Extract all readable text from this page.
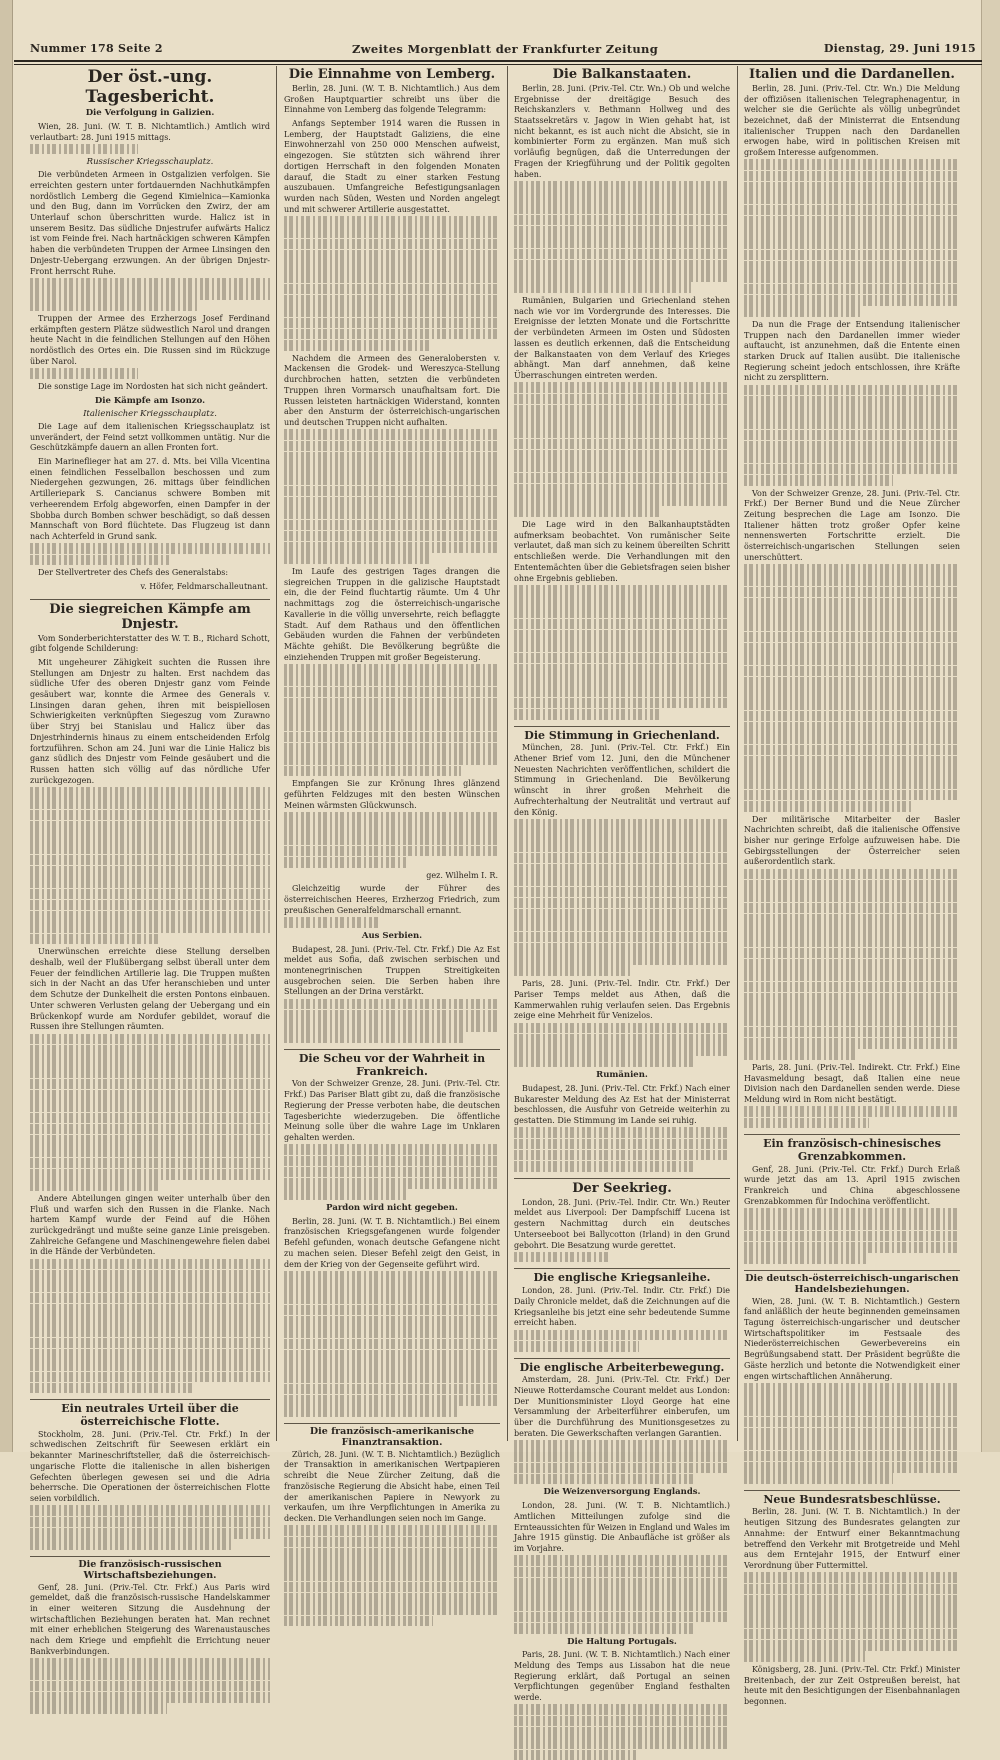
Nummer 178 Seite 2	Zweites Morgenblatt der Frankfurter Zeitung	Dienstag, 29. Juni 1915
Der öst.-ung. Tagesbericht.
Die Verfolgung in Galizien.
Wien, 28. Juni. (W. T. B. Nichtamtlich.) Amtlich wird verlautbart: 28. Juni 1915 mittags.
Russischer Kriegsschauplatz.
Die verbündeten Armeen in Ostgalizien verfolgen. Sie erreichten gestern unter fortdauernden Nachhutkämpfen nordöstlich Lemberg die Gegend Kimielnica—Kamionka und den Bug, dann im Vorrücken den Zwirz, der am Unterlauf schon überschritten wurde. Halicz ist in unserem Besitz. Das südliche Dnjestrufer aufwärts Halicz ist vom Feinde frei. Nach hartnäckigen schweren Kämpfen haben die verbündeten Truppen der Armee Linsingen den Dnjestr-Uebergang erzwungen. An der übrigen Dnjestr-Front herrscht Ruhe.
Truppen der Armee des Erzherzogs Josef Ferdinand erkämpften gestern Plätze südwestlich Narol und drangen heute Nacht in die feindlichen Stellungen auf den Höhen nordöstlich des Ortes ein. Die Russen sind im Rückzuge über Narol.
Die sonstige Lage im Nordosten hat sich nicht geändert.
Die Kämpfe am Isonzo.
Italienischer Kriegsschauplatz.
Die Lage auf dem italienischen Kriegsschauplatz ist unverändert, der Feind setzt vollkommen untätig. Nur die Geschützkämpfe dauern an allen Fronten fort.
Ein Marineflieger hat am 27. d. Mts. bei Villa Vicentina einen feindlichen Fesselballon beschossen und zum Niedergehen gezwungen, 26. mittags über feindlichen Artilleriepark S. Cancianus schwere Bomben mit verheerendem Erfolg abgeworfen, einen Dampfer in der Sbobba durch Bomben schwer beschädigt, so daß dessen Mannschaft von Bord flüchtete. Das Flugzeug ist dann nach Achterfeld in Grund sank.
Der Stellvertreter des Chefs des Generalstabs:
v. Höfer, Feldmarschalleutnant.
Die siegreichen Kämpfe am Dnjestr.
Vom Sonderberichterstatter des W. T. B., Richard Schott, gibt folgende Schilderung:
Mit ungeheurer Zähigkeit suchten die Russen ihre Stellungen am Dnjestr zu halten. Erst nachdem das südliche Ufer des oberen Dnjestr ganz vom Feinde gesäubert war, konnte die Armee des Generals v. Linsingen daran gehen, ihren mit beispiellosen Schwierigkeiten verknüpften Siegeszug vom Zurawno über Stryj bei Stanislau und Halicz über das Dnjestrhindernis hinaus zu einem entscheidenden Erfolg fortzuführen. Schon am 24. Juni war die Linie Halicz bis ganz südlich des Dnjestr vom Feinde gesäubert und die Russen hatten sich völlig auf das nördliche Ufer zurückgezogen.
Unerwünschen erreichte diese Stellung derselben deshalb, weil der Flußübergang selbst überall unter dem Feuer der feindlichen Artillerie lag. Die Truppen mußten sich in der Nacht an das Ufer heranschieben und unter dem Schutze der Dunkelheit die ersten Pontons einbauen. Unter schweren Verlusten gelang der Uebergang und ein Brückenkopf wurde am Nordufer gebildet, worauf die Russen ihre Stellungen räumten.
Andere Abteilungen gingen weiter unterhalb über den Fluß und warfen sich den Russen in die Flanke. Nach hartem Kampf wurde der Feind auf die Höhen zurückgedrängt und mußte seine ganze Linie preisgeben. Zahlreiche Gefangene und Maschinengewehre fielen dabei in die Hände der Verbündeten.
Ein neutrales Urteil über die österreichische Flotte.
Stockholm, 28. Juni. (Priv.-Tel. Ctr. Frkf.) In der schwedischen Zeitschrift für Seewesen erklärt ein bekannter Marineschriftsteller, daß die österreichisch-ungarische Flotte die italienische in allen bisherigen Gefechten überlegen gewesen sei und die Adria beherrsche. Die Operationen der österreichischen Flotte seien vorbildlich.
Die französisch-russischen Wirtschaftsbeziehungen.
Genf, 28. Juni. (Priv.-Tel. Ctr. Frkf.) Aus Paris wird gemeldet, daß die französisch-russische Handelskammer in einer weiteren Sitzung die Ausdehnung der wirtschaftlichen Beziehungen beraten hat. Man rechnet mit einer erheblichen Steigerung des Warenaustausches nach dem Kriege und empfiehlt die Errichtung neuer Bankverbindungen.
Die Einnahme von Lemberg.
Berlin, 28. Juni. (W. T. B. Nichtamtlich.) Aus dem Großen Hauptquartier schreibt uns über die Einnahme von Lemberg das folgende Telegramm:
Anfangs September 1914 waren die Russen in Lemberg, der Hauptstadt Galiziens, die eine Einwohnerzahl von 250 000 Menschen aufweist, eingezogen. Sie stützten sich während ihrer dortigen Herrschaft in den folgenden Monaten darauf, die Stadt zu einer starken Festung auszubauen. Umfangreiche Befestigungsanlagen wurden nach Süden, Westen und Norden angelegt und mit schwerer Artillerie ausgestattet.
Nachdem die Armeen des Generalobersten v. Mackensen die Grodek- und Wereszyca-Stellung durchbrochen hatten, setzten die verbündeten Truppen ihren Vormarsch unaufhaltsam fort. Die Russen leisteten hartnäckigen Widerstand, konnten aber den Ansturm der österreichisch-ungarischen und deutschen Truppen nicht aufhalten.
Im Laufe des gestrigen Tages drangen die siegreichen Truppen in die galizische Hauptstadt ein, die der Feind fluchtartig räumte. Um 4 Uhr nachmittags zog die österreichisch-ungarische Kavallerie in die völlig unversehrte, reich beflaggte Stadt. Auf dem Rathaus und den öffentlichen Gebäuden wurden die Fahnen der verbündeten Mächte gehißt. Die Bevölkerung begrüßte die einziehenden Truppen mit großer Begeisterung.
Empfangen Sie zur Krönung Ihres glänzend geführten Feldzuges mit den besten Wünschen Meinen wärmsten Glückwunsch.
gez. Wilhelm I. R.
Gleichzeitig wurde der Führer des österreichischen Heeres, Erzherzog Friedrich, zum preußischen Generalfeldmarschall ernannt.
Aus Serbien.
Budapest, 28. Juni. (Priv.-Tel. Ctr. Frkf.) Die Az Est meldet aus Sofia, daß zwischen serbischen und montenegrinischen Truppen Streitigkeiten ausgebrochen seien. Die Serben haben ihre Stellungen an der Drina verstärkt.
Die Scheu vor der Wahrheit in Frankreich.
Von der Schweizer Grenze, 28. Juni. (Priv.-Tel. Ctr. Frkf.) Das Pariser Blatt gibt zu, daß die französische Regierung der Presse verboten habe, die deutschen Tagesberichte wiederzugeben. Die öffentliche Meinung solle über die wahre Lage im Unklaren gehalten werden.
Pardon wird nicht gegeben.
Berlin, 28. Juni. (W. T. B. Nichtamtlich.) Bei einem französischen Kriegsgefangenen wurde folgender Befehl gefunden, wonach deutsche Gefangene nicht zu machen seien. Dieser Befehl zeigt den Geist, in dem der Krieg von der Gegenseite geführt wird.
Die französisch-amerikanische Finanztransaktion.
Zürich, 28. Juni. (W. T. B. Nichtamtlich.) Bezüglich der Transaktion in amerikanischen Wertpapieren schreibt die Neue Zürcher Zeitung, daß die französische Regierung die Absicht habe, einen Teil der amerikanischen Papiere in Newyork zu verkaufen, um ihre Verpflichtungen in Amerika zu decken. Die Verhandlungen seien noch im Gange.
Die Balkanstaaten.
Berlin, 28. Juni. (Priv.-Tel. Ctr. Wn.) Ob und welche Ergebnisse der dreitägige Besuch des Reichskanzlers v. Bethmann Hollweg und des Staatssekretärs v. Jagow in Wien gehabt hat, ist nicht bekannt, es ist auch nicht die Absicht, sie in kombinierter Form zu ergänzen. Man muß sich vorläufig begnügen, daß die Unterredungen der Fragen der Kriegführung und der Politik gegolten haben.
Rumänien, Bulgarien und Griechenland stehen nach wie vor im Vordergrunde des Interesses. Die Ereignisse der letzten Monate und die Fortschritte der verbündeten Armeen im Osten und Südosten lassen es deutlich erkennen, daß die Entscheidung der Balkanstaaten von dem Verlauf des Krieges abhängt. Man darf annehmen, daß keine Überraschungen eintreten werden.
Die Lage wird in den Balkanhauptstädten aufmerksam beobachtet. Von rumänischer Seite verlautet, daß man sich zu keinem übereilten Schritt entschließen werde. Die Verhandlungen mit den Ententemächten über die Gebietsfragen seien bisher ohne Ergebnis geblieben.
Die Stimmung in Griechenland.
München, 28. Juni. (Priv.-Tel. Ctr. Frkf.) Ein Athener Brief vom 12. Juni, den die Münchener Neuesten Nachrichten veröffentlichen, schildert die Stimmung in Griechenland. Die Bevölkerung wünscht in ihrer großen Mehrheit die Aufrechterhaltung der Neutralität und vertraut auf den König.
Paris, 28. Juni. (Priv.-Tel. Indir. Ctr. Frkf.) Der Pariser Temps meldet aus Athen, daß die Kammerwahlen ruhig verlaufen seien. Das Ergebnis zeige eine Mehrheit für Venizelos.
Rumänien.
Budapest, 28. Juni. (Priv.-Tel. Ctr. Frkf.) Nach einer Bukarester Meldung des Az Est hat der Ministerrat beschlossen, die Ausfuhr von Getreide weiterhin zu gestatten. Die Stimmung im Lande sei ruhig.
Der Seekrieg.
London, 28. Juni. (Priv.-Tel. Indir. Ctr. Wn.) Reuter meldet aus Liverpool: Der Dampfschiff Lucena ist gestern Nachmittag durch ein deutsches Unterseeboot bei Ballycotton (Irland) in den Grund gebohrt. Die Besatzung wurde gerettet.
Die englische Kriegsanleihe.
London, 28. Juni. (Priv.-Tel. Indir. Ctr. Frkf.) Die Daily Chronicle meldet, daß die Zeichnungen auf die Kriegsanleihe bis jetzt eine sehr bedeutende Summe erreicht haben.
Die englische Arbeiterbewegung.
Amsterdam, 28. Juni. (Priv.-Tel. Ctr. Frkf.) Der Nieuwe Rotterdamsche Courant meldet aus London: Der Munitionsminister Lloyd George hat eine Versammlung der Arbeiterführer einberufen, um über die Durchführung des Munitionsgesetzes zu beraten. Die Gewerkschaften verlangen Garantien.
Die Weizenversorgung Englands.
London, 28. Juni. (W. T. B. Nichtamtlich.) Amtlichen Mitteilungen zufolge sind die Ernteaussichten für Weizen in England und Wales im Jahre 1915 günstig. Die Anbaufläche ist größer als im Vorjahre.
Die Haltung Portugals.
Paris, 28. Juni. (W. T. B. Nichtamtlich.) Nach einer Meldung des Temps aus Lissabon hat die neue Regierung erklärt, daß Portugal an seinen Verpflichtungen gegenüber England festhalten werde.
Italien und die Dardanellen.
Berlin, 28. Juni. (Priv.-Tel. Ctr. Wn.) Die Meldung der offiziösen italienischen Telegraphenagentur, in welcher sie die Gerüchte als völlig unbegründet bezeichnet, daß der Ministerrat die Entsendung italienischer Truppen nach den Dardanellen erwogen habe, wird in politischen Kreisen mit großem Interesse aufgenommen.
Da nun die Frage der Entsendung italienischer Truppen nach den Dardanellen immer wieder auftaucht, ist anzunehmen, daß die Entente einen starken Druck auf Italien ausübt. Die italienische Regierung scheint jedoch entschlossen, ihre Kräfte nicht zu zersplittern.
Von der Schweizer Grenze, 28. Juni. (Priv.-Tel. Ctr. Frkf.) Der Berner Bund und die Neue Zürcher Zeitung besprechen die Lage am Isonzo. Die Italiener hätten trotz großer Opfer keine nennenswerten Fortschritte erzielt. Die österreichisch-ungarischen Stellungen seien unerschüttert.
Der militärische Mitarbeiter der Basler Nachrichten schreibt, daß die italienische Offensive bisher nur geringe Erfolge aufzuweisen habe. Die Gebirgsstellungen der Österreicher seien außerordentlich stark.
Paris, 28. Juni. (Priv.-Tel. Indirekt. Ctr. Frkf.) Eine Havasmeldung besagt, daß Italien eine neue Division nach den Dardanellen senden werde. Diese Meldung wird in Rom nicht bestätigt.
Ein französisch-chinesisches Grenzabkommen.
Genf, 28. Juni. (Priv.-Tel. Ctr. Frkf.) Durch Erlaß wurde jetzt das am 13. April 1915 zwischen Frankreich und China abgeschlossene Grenzabkommen für Indochina veröffentlicht.
Die deutsch-österreichisch-ungarischen Handelsbeziehungen.
Wien, 28. Juni. (W. T. B. Nichtamtlich.) Gestern fand anläßlich der heute beginnenden gemeinsamen Tagung österreichisch-ungarischer und deutscher Wirtschaftspolitiker im Festsaale des Niederösterreichischen Gewerbevereins ein Begrüßungsabend statt. Der Präsident begrüßte die Gäste herzlich und betonte die Notwendigkeit einer engen wirtschaftlichen Annäherung.
Neue Bundesratsbeschlüsse.
Berlin, 28. Juni. (W. T. B. Nichtamtlich.) In der heutigen Sitzung des Bundesrates gelangten zur Annahme: der Entwurf einer Bekanntmachung betreffend den Verkehr mit Brotgetreide und Mehl aus dem Erntejahr 1915, der Entwurf einer Verordnung über Futtermittel.
Königsberg, 28. Juni. (Priv.-Tel. Ctr. Frkf.) Minister Breitenbach, der zur Zeit Ostpreußen bereist, hat heute mit den Besichtigungen der Eisenbahnanlagen begonnen.
